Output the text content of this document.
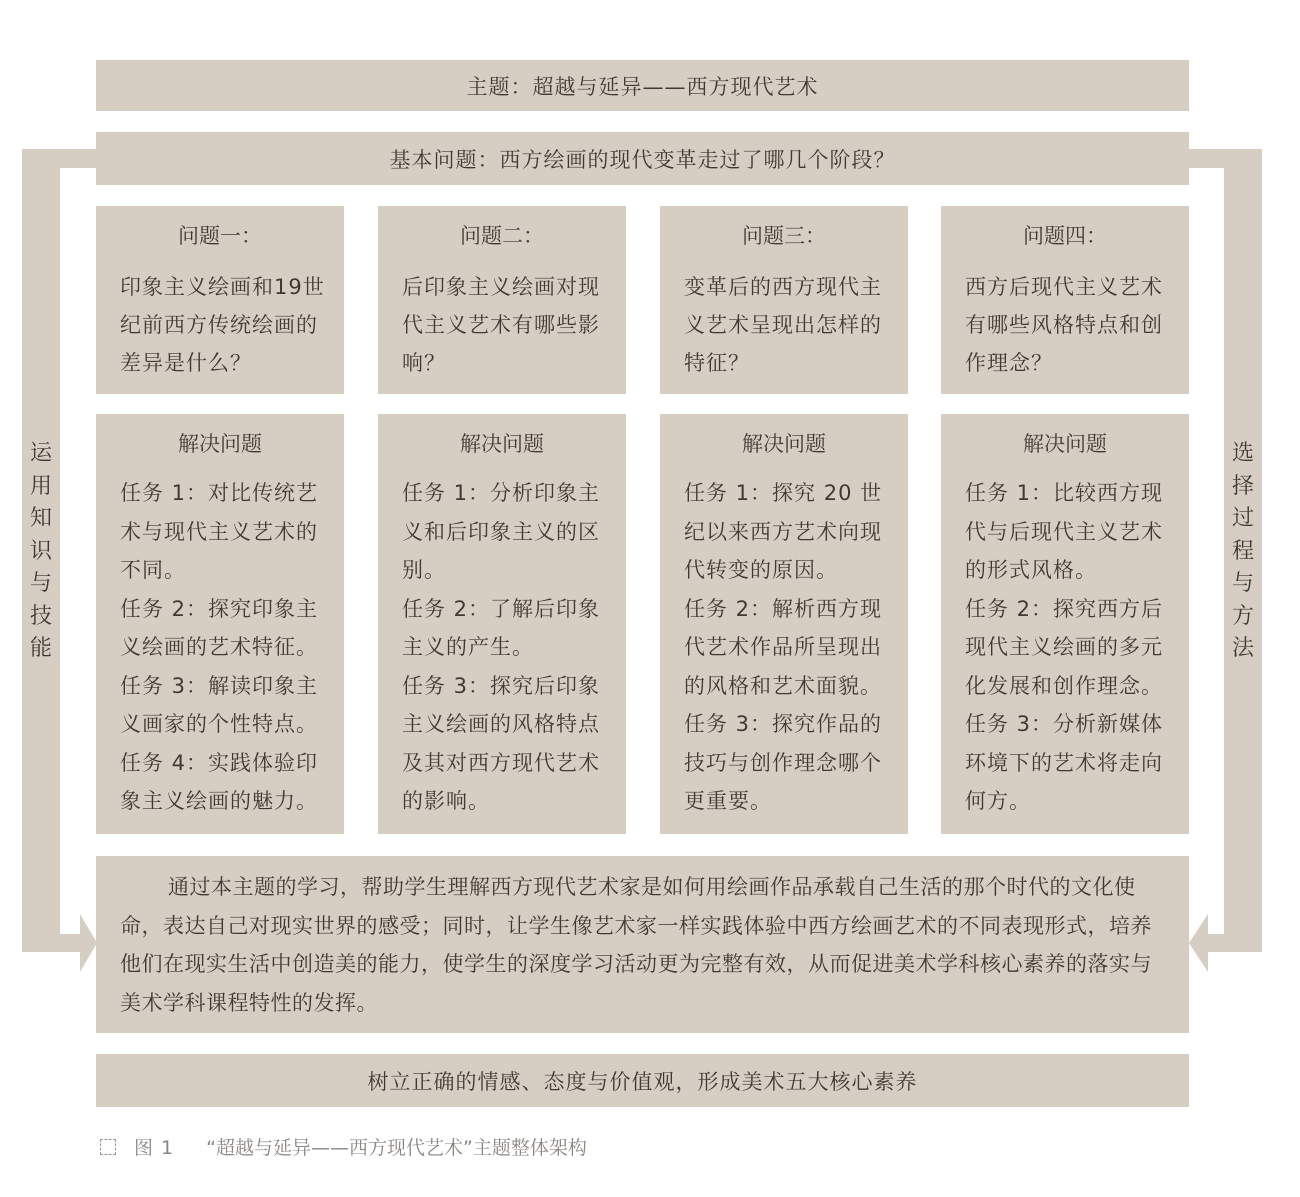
主题：超越与延异——西方现代艺术
基本问题：西方绘画的现代变革走过了哪几个阶段？
问题一：
印象主义绘画和19世纪前西方传统绘画的差异是什么？
问题二：
后印象主义绘画对现代主义艺术有哪些影响？
问题三：
变革后的西方现代主义艺术呈现出怎样的特征？
问题四：
西方后现代主义艺术有哪些风格特点和创作理念？
解决问题

任务 1：对比传统艺术与现代主义艺术的不同。

任务 2：探究印象主义绘画的艺术特征。

任务 3：解读印象主义画家的个性特点。

任务 4：实践体验印象主义绘画的魅力。

解决问题

任务 1：分析印象主义和后印象主义的区别。

任务 2：了解后印象主义的产生。

任务 3：探究后印象主义绘画的风格特点及其对西方现代艺术的影响。

解决问题

任务 1：探究 20 世纪以来西方艺术向现代转变的原因。

任务 2：解析西方现代艺术作品所呈现出的风格和艺术面貌。

任务 3：探究作品的技巧与创作理念哪个更重要。

解决问题

任务 1：比较西方现代与后现代主义艺术的形式风格。

任务 2：探究西方后现代主义绘画的多元化发展和创作理念。

任务 3：分析新媒体环境下的艺术将走向何方。

通过本主题的学习，帮助学生理解西方现代艺术家是如何用绘画作品承载自己生活的那个时代的文化使命，表达自己对现实世界的感受；同时，让学生像艺术家一样实践体验中西方绘画艺术的不同表现形式，培养他们在现实生活中创造美的能力，使学生的深度学习活动更为完整有效，从而促进美术学科核心素养的落实与美术学科课程特性的发挥。

树立正确的情感、态度与价值观，形成美术五大核心素养
运用知识与技能
选择过程与方法
图 1 “超越与延异——西方现代艺术”主题整体架构
